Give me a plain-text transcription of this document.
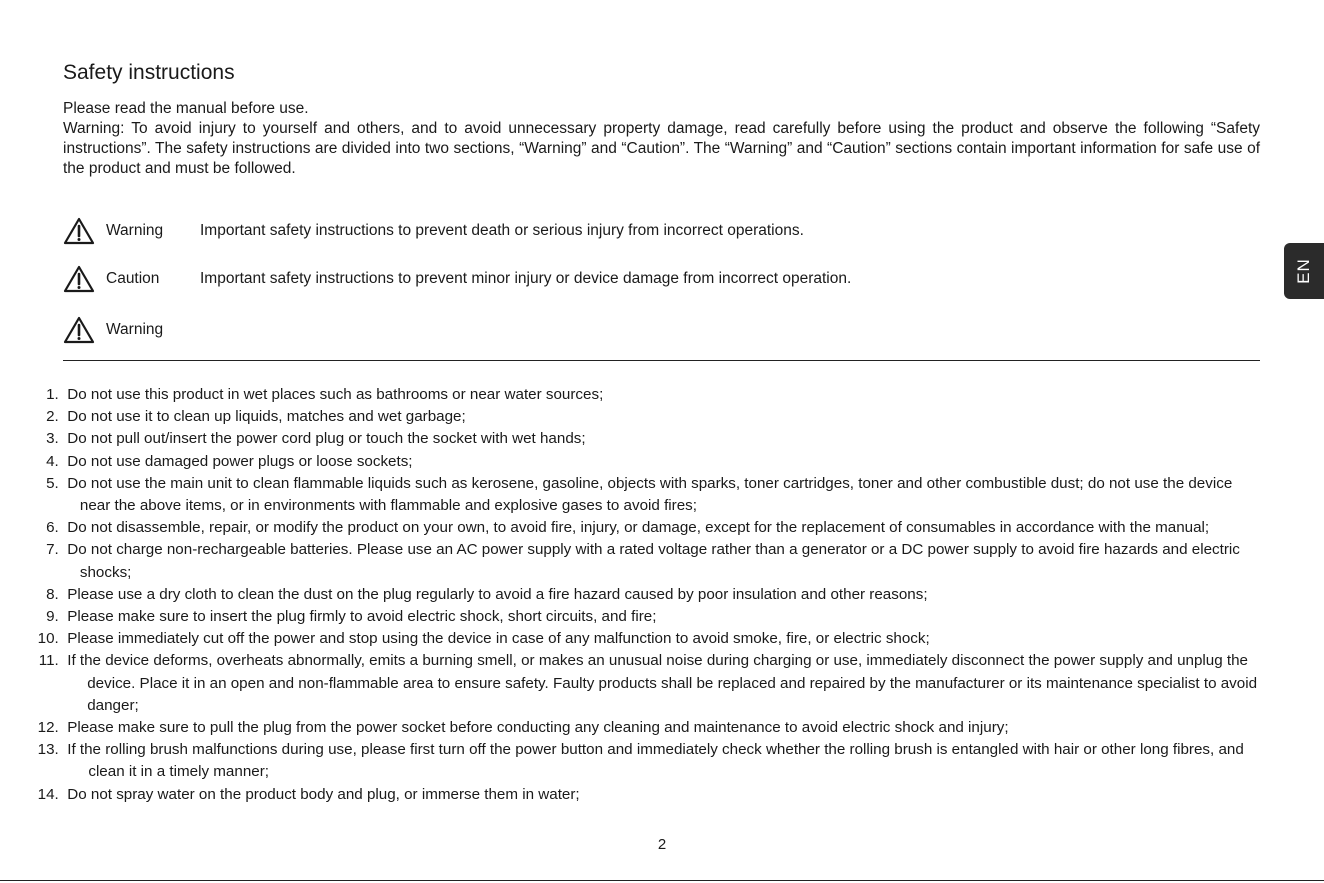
Safety instructions

Please read the manual before use.

Warning: To avoid injury to yourself and others, and to avoid unnecessary property damage, read carefully before using the product and observe the following “Safety instructions”. The safety instructions are divided into two sections, “Warning” and “Caution”. The “Warning” and “Caution” sections contain important information for safe use of the product and must be followed.

Warning	Important safety instructions to prevent death or serious injury from incorrect operations.
Caution	Important safety instructions to prevent minor injury or device damage from incorrect operation.
Warning
1. Do not use this product in wet places such as bathrooms or near water sources;
2. Do not use it to clean up liquids, matches and wet garbage;
3. Do not pull out/insert the power cord plug or touch the socket with wet hands;
4. Do not use damaged power plugs or loose sockets;
5. Do not use the main unit to clean flammable liquids such as kerosene, gasoline, objects with sparks, toner cartridges, toner and other combustible dust; do not use the device near the above items, or in environments with flammable and explosive gases to avoid fires;
6. Do not disassemble, repair, or modify the product on your own, to avoid fire, injury, or damage, except for the replacement of consumables in accordance with the manual;
7. Do not charge non-rechargeable batteries. Please use an AC power supply with a rated voltage rather than a generator or a DC power supply to avoid fire hazards and electric shocks;
8. Please use a dry cloth to clean the dust on the plug regularly to avoid a fire hazard caused by poor insulation and other reasons;
9. Please make sure to insert the plug firmly to avoid electric shock, short circuits, and fire;
10. Please immediately cut off the power and stop using the device in case of any malfunction to avoid smoke, fire, or electric shock;
11. If the device deforms, overheats abnormally, emits a burning smell, or makes an unusual noise during charging or use, immediately disconnect the power supply and unplug the device. Place it in an open and non-flammable area to ensure safety. Faulty products shall be replaced and repaired by the manufacturer or its maintenance specialist to avoid danger;
12. Please make sure to pull the plug from the power socket before conducting any cleaning and maintenance to avoid electric shock and injury;
13. If the rolling brush malfunctions during use, please first turn off the power button and immediately check whether the rolling brush is entangled with hair or other long fibres, and clean it in a timely manner;
14. Do not spray water on the product body and plug, or immerse them in water;
2
EN
